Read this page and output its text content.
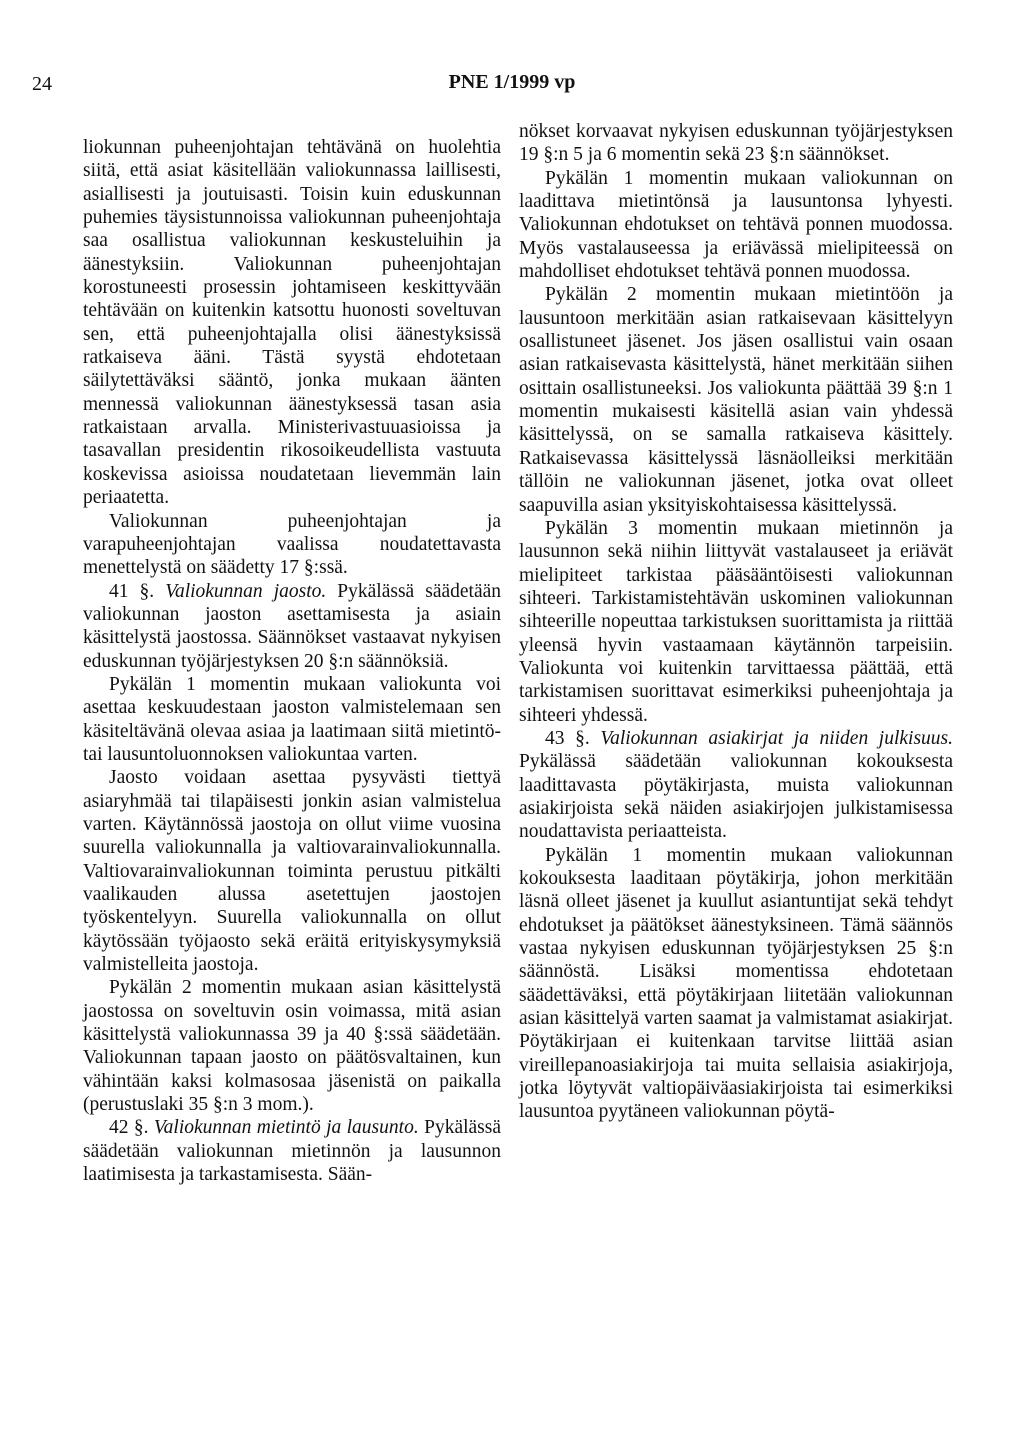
24	PNE 1/1999 vp

liokunnan puheenjohtajan tehtävänä on huolehtia siitä, että asiat käsitellään valiokunnassa laillisesti, asiallisesti ja joutuisasti. Toisin kuin eduskunnan puhemies täysistunnoissa valiokunnan puheenjohtaja saa osallistua valiokunnan keskusteluihin ja äänestyksiin. Valiokunnan puheenjohtajan korostuneesti prosessin johtamiseen keskittyvään tehtävään on kuitenkin katsottu huonosti soveltuvan sen, että puheenjohtajalla olisi äänestyksissä ratkaiseva ääni. Tästä syystä ehdotetaan säilytettäväksi sääntö, jonka mukaan äänten mennessä valiokunnan äänestyksessä tasan asia ratkaistaan arvalla. Ministerivastuuasioissa ja tasavallan presidentin rikosoikeudellista vastuuta koskevissa asioissa noudatetaan lievemmän lain periaatetta.

Valiokunnan puheenjohtajan ja varapuheenjohtajan vaalissa noudatettavasta menettelystä on säädetty 17 §:ssä.

41 §. Valiokunnan jaosto. Pykälässä säädetään valiokunnan jaoston asettamisesta ja asiain käsittelystä jaostossa. Säännökset vastaavat nykyisen eduskunnan työjärjestyksen 20 §:n säännöksiä.

Pykälän 1 momentin mukaan valiokunta voi asettaa keskuudestaan jaoston valmistelemaan sen käsiteltävänä olevaa asiaa ja laatimaan siitä mietintö- tai lausuntoluonnoksen valiokuntaa varten.

Jaosto voidaan asettaa pysyvästi tiettyä asiaryhmää tai tilapäisesti jonkin asian valmistelua varten. Käytännössä jaostoja on ollut viime vuosina suurella valiokunnalla ja valtiovarainvaliokunnalla. Valtiovarainvaliokunnan toiminta perustuu pitkälti vaalikauden alussa asetettujen jaostojen työskentelyyn. Suurella valiokunnalla on ollut käytössään työjaosto sekä eräitä erityiskysymyksiä valmistelleita jaostoja.

Pykälän 2 momentin mukaan asian käsittelystä jaostossa on soveltuvin osin voimassa, mitä asian käsittelystä valiokunnassa 39 ja 40 §:ssä säädetään. Valiokunnan tapaan jaosto on päätösvaltainen, kun vähintään kaksi kolmasosaa jäsenistä on paikalla (perustuslaki 35 §:n 3 mom.).

42 §. Valiokunnan mietintö ja lausunto. Pykälässä säädetään valiokunnan mietinnön ja lausunnon laatimisesta ja tarkastamisesta. Sään-

nökset korvaavat nykyisen eduskunnan työjärjestyksen 19 §:n 5 ja 6 momentin sekä 23 §:n säännökset.

Pykälän 1 momentin mukaan valiokunnan on laadittava mietintönsä ja lausuntonsa lyhyesti. Valiokunnan ehdotukset on tehtävä ponnen muodossa. Myös vastalauseessa ja eriävässä mielipiteessä on mahdolliset ehdotukset tehtävä ponnen muodossa.

Pykälän 2 momentin mukaan mietintöön ja lausuntoon merkitään asian ratkaisevaan käsittelyyn osallistuneet jäsenet. Jos jäsen osallistui vain osaan asian ratkaisevasta käsittelystä, hänet merkitään siihen osittain osallistuneeksi. Jos valiokunta päättää 39 §:n 1 momentin mukaisesti käsitellä asian vain yhdessä käsittelyssä, on se samalla ratkaiseva käsittely. Ratkaisevassa käsittelyssä läsnäolleiksi merkitään tällöin ne valiokunnan jäsenet, jotka ovat olleet saapuvilla asian yksityiskohtaisessa käsittelyssä.

Pykälän 3 momentin mukaan mietinnön ja lausunnon sekä niihin liittyvät vastalauseet ja eriävät mielipiteet tarkistaa pääsääntöisesti valiokunnan sihteeri. Tarkistamistehtävän uskominen valiokunnan sihteerille nopeuttaa tarkistuksen suorittamista ja riittää yleensä hyvin vastaamaan käytännön tarpeisiin. Valiokunta voi kuitenkin tarvittaessa päättää, että tarkistamisen suorittavat esimerkiksi puheenjohtaja ja sihteeri yhdessä.

43 §. Valiokunnan asiakirjat ja niiden julkisuus. Pykälässä säädetään valiokunnan kokouksesta laadittavasta pöytäkirjasta, muista valiokunnan asiakirjoista sekä näiden asiakirjojen julkistamisessa noudattavista periaatteista.

Pykälän 1 momentin mukaan valiokunnan kokouksesta laaditaan pöytäkirja, johon merkitään läsnä olleet jäsenet ja kuullut asiantuntijat sekä tehdyt ehdotukset ja päätökset äänestyksineen. Tämä säännös vastaa nykyisen eduskunnan työjärjestyksen 25 §:n säännöstä. Lisäksi momentissa ehdotetaan säädettäväksi, että pöytäkirjaan liitetään valiokunnan asian käsittelyä varten saamat ja valmistamat asiakirjat. Pöytäkirjaan ei kuitenkaan tarvitse liittää asian vireillepanoasiakirjoja tai muita sellaisia asiakirjoja, jotka löytyvät valtiopäiväasiakirjoista tai esimerkiksi lausuntoa pyytäneen valiokunnan pöytä-
